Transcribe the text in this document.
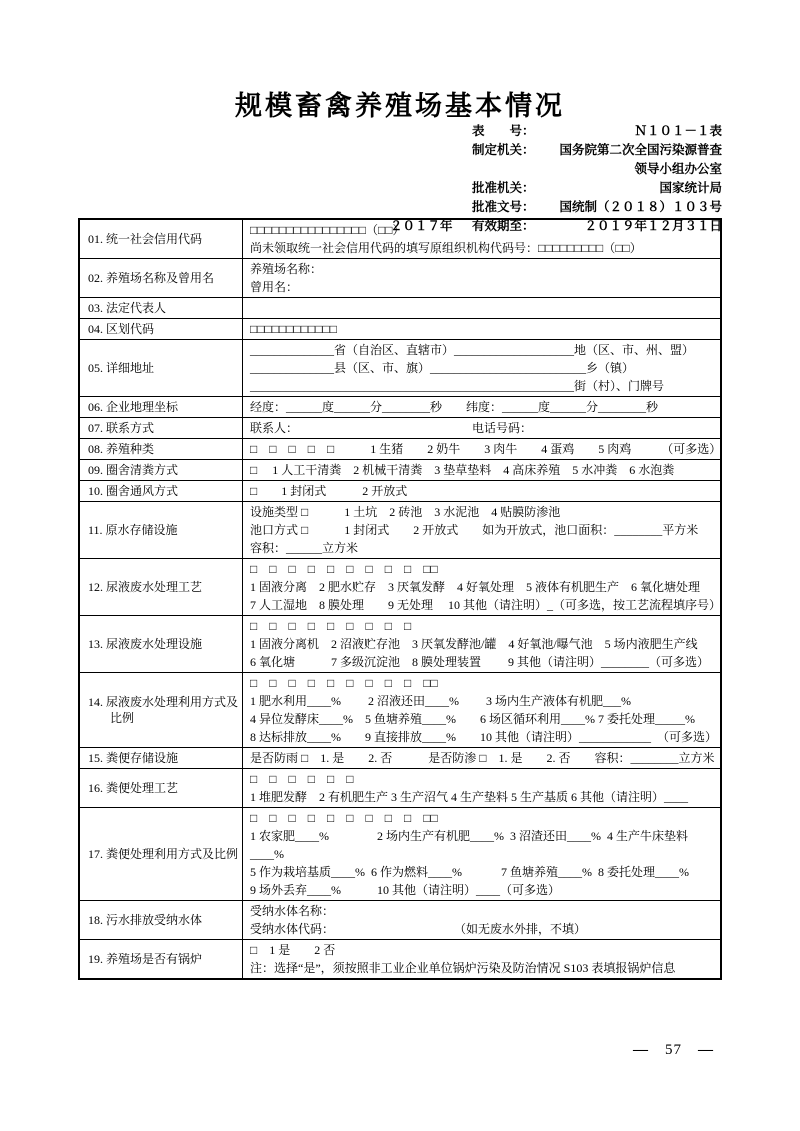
规模畜禽养殖场基本情况
表　　号：	Ｎ１０１－１表
制定机关：	国务院第二次全国污染源普查
领导小组办公室
批准机关：	国家统计局
批准文号：	国统制（２０１８）１０３号
２０１７年	有效期至：	２０１９年１２月３１日
01. 统一社会信用代码
□□□□□□□□□□□□□□□□（□□）
尚未领取统一社会信用代码的填写原组织机构代码号：□□□□□□□□□（□□）
02. 养殖场名称及曾用名
养殖场名称：
曾用名：
03. 法定代表人

04. 区划代码	□□□□□□□□□□□□
05. 详细地址
______________省（自治区、直辖市）____________________地（区、市、州、盟）
______________县（区、市、旗）__________________________乡（镇）
______________________________________________________街（村）、门牌号
06. 企业地理坐标	经度：______度______分________秒　　纬度：______度______分________秒
07. 联系方式	联系人：　　　　　　　　　　　　　　　电话号码：
08. 养殖种类	□　□　□　□　□　　　1 生猪　　2 奶牛　　3 肉牛　　4 蛋鸡　　5 肉鸡　　　（可多选）
09. 圈舍清粪方式	□　 1 人工干清粪　2 机械干清粪　3 垫草垫料　4 高床养殖　5 水冲粪　6 水泡粪
10. 圈舍通风方式	□　　1 封闭式　　　2 开放式
11. 原水存储设施
设施类型 □　　　1 土坑　2 砖池　3 水泥池　4 贴膜防渗池
池口方式 □　　　1 封闭式　　2 开放式　　如为开放式，池口面积：________平方米
容积：______立方米
12. 尿液废水处理工艺
□　□　□　□　□　□　□　□　□　□□
1 固液分离　2 肥水贮存　3 厌氧发酵　4 好氧处理　5 液体有机肥生产　6 氧化塘处理
7 人工湿地　8 膜处理　　9 无处理　 10 其他（请注明）_（可多选，按工艺流程填序号）
13. 尿液废水处理设施
□　□　□　□　□　□　□　□　□
1 固液分离机　2 沼液贮存池　3 厌氧发酵池/罐　4 好氧池/曝气池　5 场内液肥生产线
6 氧化塘　　　7 多级沉淀池　8 膜处理装置　　 9 其他（请注明）________（可多选）
14. 尿液废水处理利用方式及比例
□　□　□　□　□　□　□　□　□　□□
1 肥水利用____%　　 2 沼液还田____%　　 3 场内生产液体有机肥___%
4 异位发酵床____%　5 鱼塘养殖____%　　6 场区循环利用____% 7 委托处理_____%
8 达标排放____%　　9 直接排放____%　　10 其他（请注明）____________　（可多选）
15. 粪便存储设施	是否防雨 □　1. 是　　2. 否　　　是否防渗 □　1. 是　　2. 否　　容积：________立方米
16. 粪便处理工艺
□　□　□　□　□　□
1 堆肥发酵　2 有机肥生产 3 生产沼气 4 生产垫料 5 生产基质 6 其他（请注明）____
17. 粪便处理利用方式及比例
□　□　□　□　□　□　□　□　□　□□
1 农家肥____%　　　　2 场内生产有机肥____%  3 沼渣还田____%  4 生产牛床垫料____%
5 作为栽培基质____%  6 作为燃料____%　　　 7 鱼塘养殖____%  8 委托处理____%
9 场外丢弃____%　　　10 其他（请注明）____（可多选）
18. 污水排放受纳水体
受纳水体名称：
受纳水体代码：　　　　　　　　　　　（如无废水外排，不填）
19. 养殖场是否有锅炉
□　1 是　　2 否
注：选择“是”，须按照非工业企业单位锅炉污染及防治情况 S103 表填报锅炉信息
— 57 —
